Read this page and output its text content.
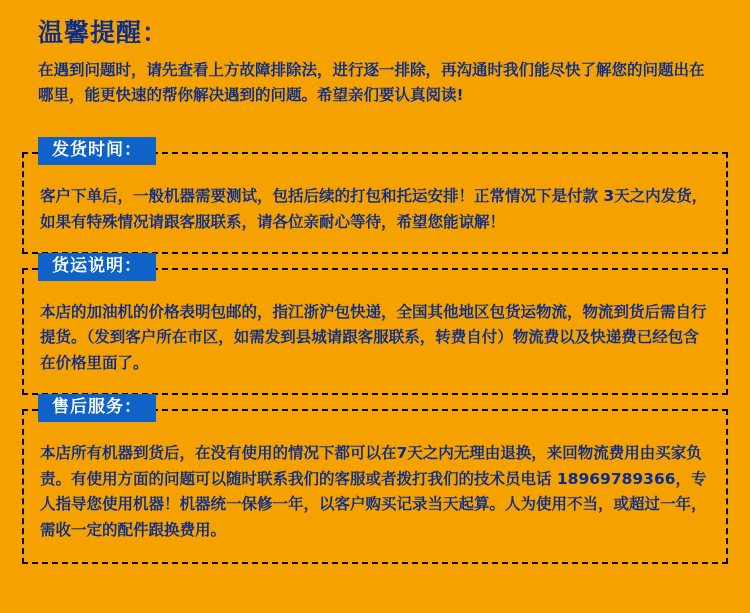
温馨提醒：

在遇到问题时，请先查看上方故障排除法，进行逐一排除，再沟通时我们能尽快了解您的问题出在哪里，能更快速的帮你解决遇到的问题。希望亲们要认真阅读!

发货时间：

客户下单后，一般机器需要测试，包括后续的打包和托运安排！正常情况下是付款 3天之内发货，如果有特殊情况请跟客服联系，请各位亲耐心等待，希望您能谅解！

货运说明：

本店的加油机的价格表明包邮的，指江浙沪包快递，全国其他地区包货运物流，物流到货后需自行提货。（发到客户所在市区，如需发到县城请跟客服联系，转费自付）物流费以及快递费已经包含在价格里面了。

售后服务：

本店所有机器到货后，在没有使用的情况下都可以在7天之内无理由退换，来回物流费用由买家负责。有使用方面的问题可以随时联系我们的客服或者拨打我们的技术员电话 18969789366，专人指导您使用机器！机器统一保修一年，以客户购买记录当天起算。人为使用不当，或超过一年，需收一定的配件跟换费用。
